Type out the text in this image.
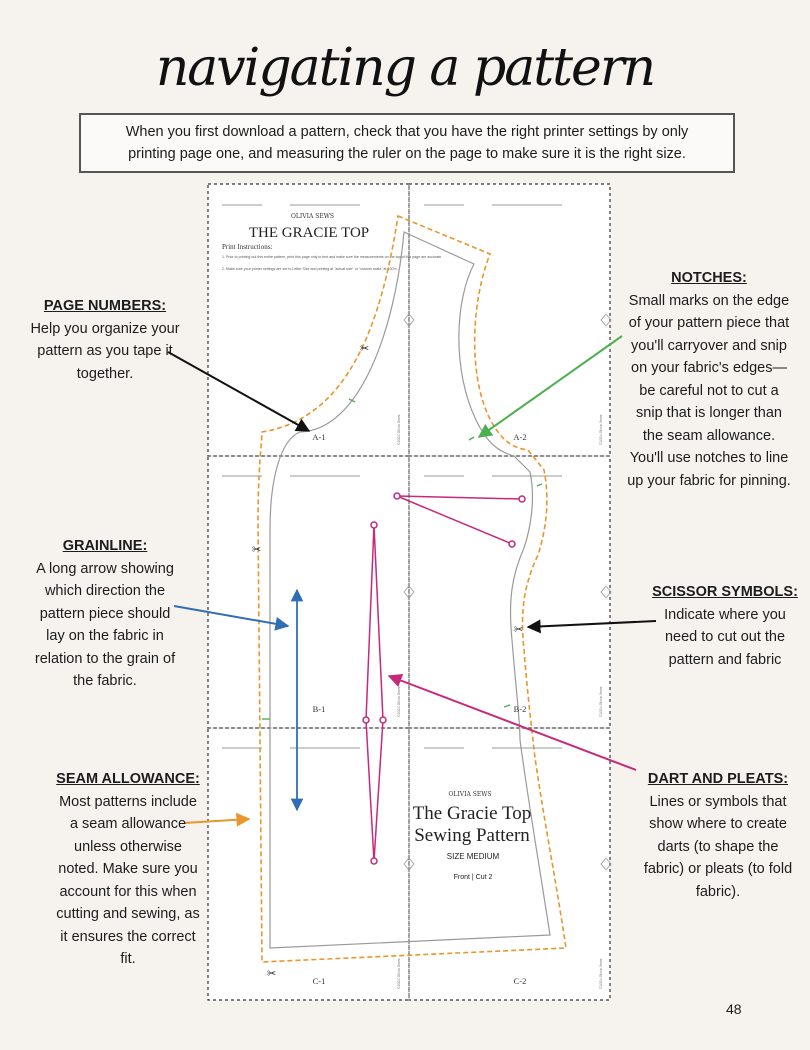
navigating a pattern
When you first download a pattern, check that you have the right printer settings by only printing page one, and measuring the ruler on the page to make sure it is the right size.
OLIVIA SEWS
THE GRACIE TOP
Print Instructions:
1. Prior to printing out this entire pattern, print this page only to test and make sure the measurements on the top of this page are accurate.
2. Make sure your printer settings are set to Letter Size and printing at "actual size" or "custom scale" at 100%.
✂
✂
✂
✂
A-1	A-2
B-1	B-2
C-1	C-2
OLIVIA SEWS
The Gracie Top
Sewing Pattern
SIZE MEDIUM
Front | Cut 2
©2024 Olivia Sews	©2024 Olivia Sews
©2024 Olivia Sews	©2024 Olivia Sews
©2024 Olivia Sews	©2024 Olivia Sews
PAGE NUMBERS:
Help you organize your pattern as you tape it together.
NOTCHES:
Small marks on the edge of your pattern piece that you'll carryover and snip on your fabric's edges—be careful not to cut a snip that is longer than the seam allowance. You'll use notches to line up your fabric for pinning.
GRAINLINE:
A long arrow showing which direction the pattern piece should lay on the fabric in relation to the grain of the fabric.
SCISSOR SYMBOLS:
Indicate where you need to cut out the pattern and fabric
SEAM ALLOWANCE:
Most patterns include a seam allowance unless otherwise noted. Make sure you account for this when cutting and sewing, as it ensures the correct fit.
DART AND PLEATS:
Lines or symbols that show where to create darts (to shape the fabric) or pleats (to fold fabric).
48
